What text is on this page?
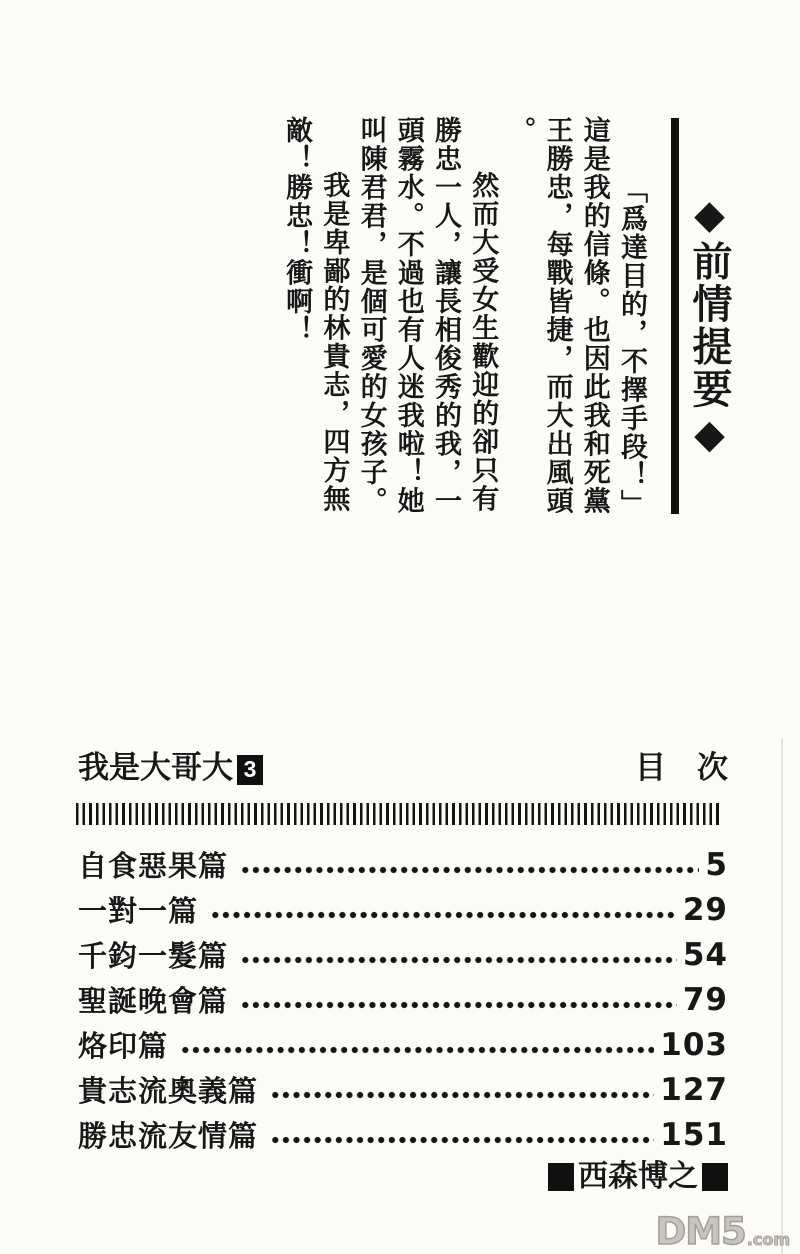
◆前情提要◆
「爲達目的，不擇手段！」
這是我的信條。也因此我和死黨
王勝忠，每戰皆捷，而大出風頭
。
然而大受女生歡迎的卻只有
勝忠一人，讓長相俊秀的我，一
頭霧水。不過也有人迷我啦！她
叫陳君君，是個可愛的女孩子。
我是卑鄙的林貴志，四方無
敵！勝忠！衝啊！
我是大哥大 3	目　次
自食惡果篇	5
一對一篇	29
千鈞一髮篇	54
聖誕晚會篇	79
烙印篇	103
貴志流奧義篇	127
勝忠流友情篇	151
西森博之
DM5 .com
